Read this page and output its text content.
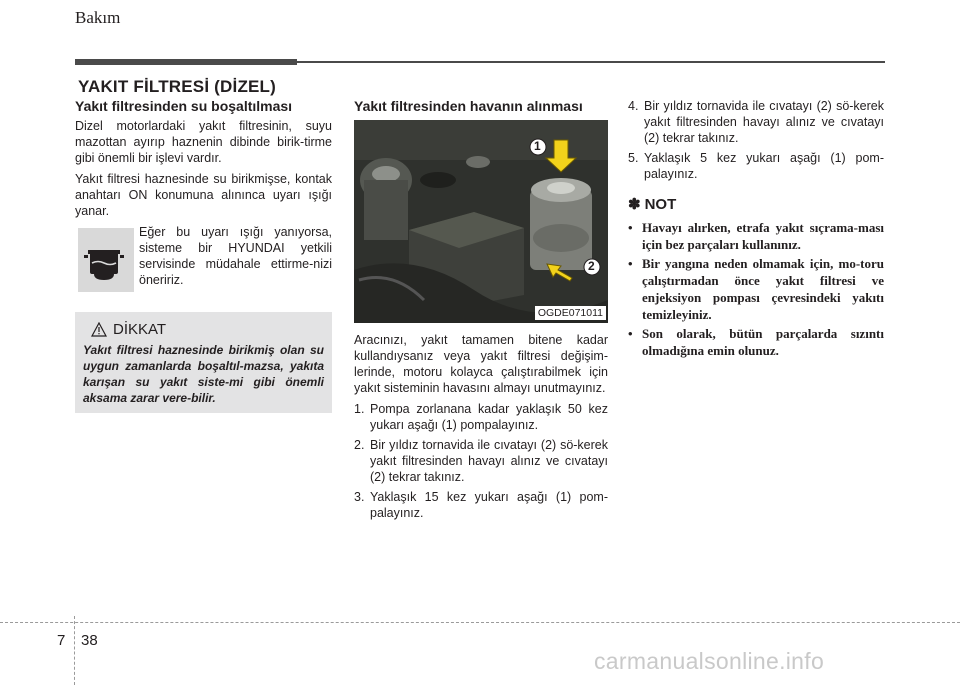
Bakım
YAKIT FİLTRESİ (DİZEL)
Yakıt filtresinden su boşaltılması

Dizel motorlardaki yakıt filtresinin, suyu mazottan ayırıp haznenin dibinde birik-tirme gibi önemli bir işlevi vardır.

Yakıt filtresi haznesinde su birikmişse, kontak anahtarı ON konumuna alınınca uyarı ışığı yanar.

Eğer bu uyarı ışığı yanıyorsa, sisteme bir HYUNDAI yetkili servisinde müdahale ettirme-nizi öneririz.
DİKKAT
Yakıt filtresi haznesinde birikmiş olan su uygun zamanlarda boşaltıl-mazsa, yakıta karışan su yakıt siste-mi gibi önemli aksama zarar vere-bilir.
Yakıt filtresinden havanın alınması
1
2
OGDE071011

Aracınızı, yakıt tamamen bitene kadar kullandıysanız veya yakıt filtresi değişim-lerinde, motoru kolayca çalıştırabilmek için yakıt sisteminin havasını almayı unutmayınız.

1. Pompa zorlanana kadar yaklaşık 50 kez yukarı aşağı (1) pompalayınız.
2. Bir yıldız tornavida ile cıvatayı (2) sö-kerek yakıt filtresinden havayı alınız ve cıvatayı (2) tekrar takınız.
3. Yaklaşık 15 kez yukarı aşağı (1) pom-palayınız.
4. Bir yıldız tornavida ile cıvatayı (2) sö-kerek yakıt filtresinden havayı alınız ve cıvatayı (2) tekrar takınız.
5. Yaklaşık 5 kez yukarı aşağı (1) pom-palayınız.
✽ NOT
• Havayı alırken, etrafa yakıt sıçrama-ması için bez parçaları kullanınız.
• Bir yangına neden olmamak için, mo-toru çalıştırmadan önce yakıt filtresi ve enjeksiyon pompası çevresindeki yakıtı temizleyiniz.
• Son olarak, bütün parçalarda sızıntı olmadığına emin olunuz.
7 38
carmanualsonline.info
